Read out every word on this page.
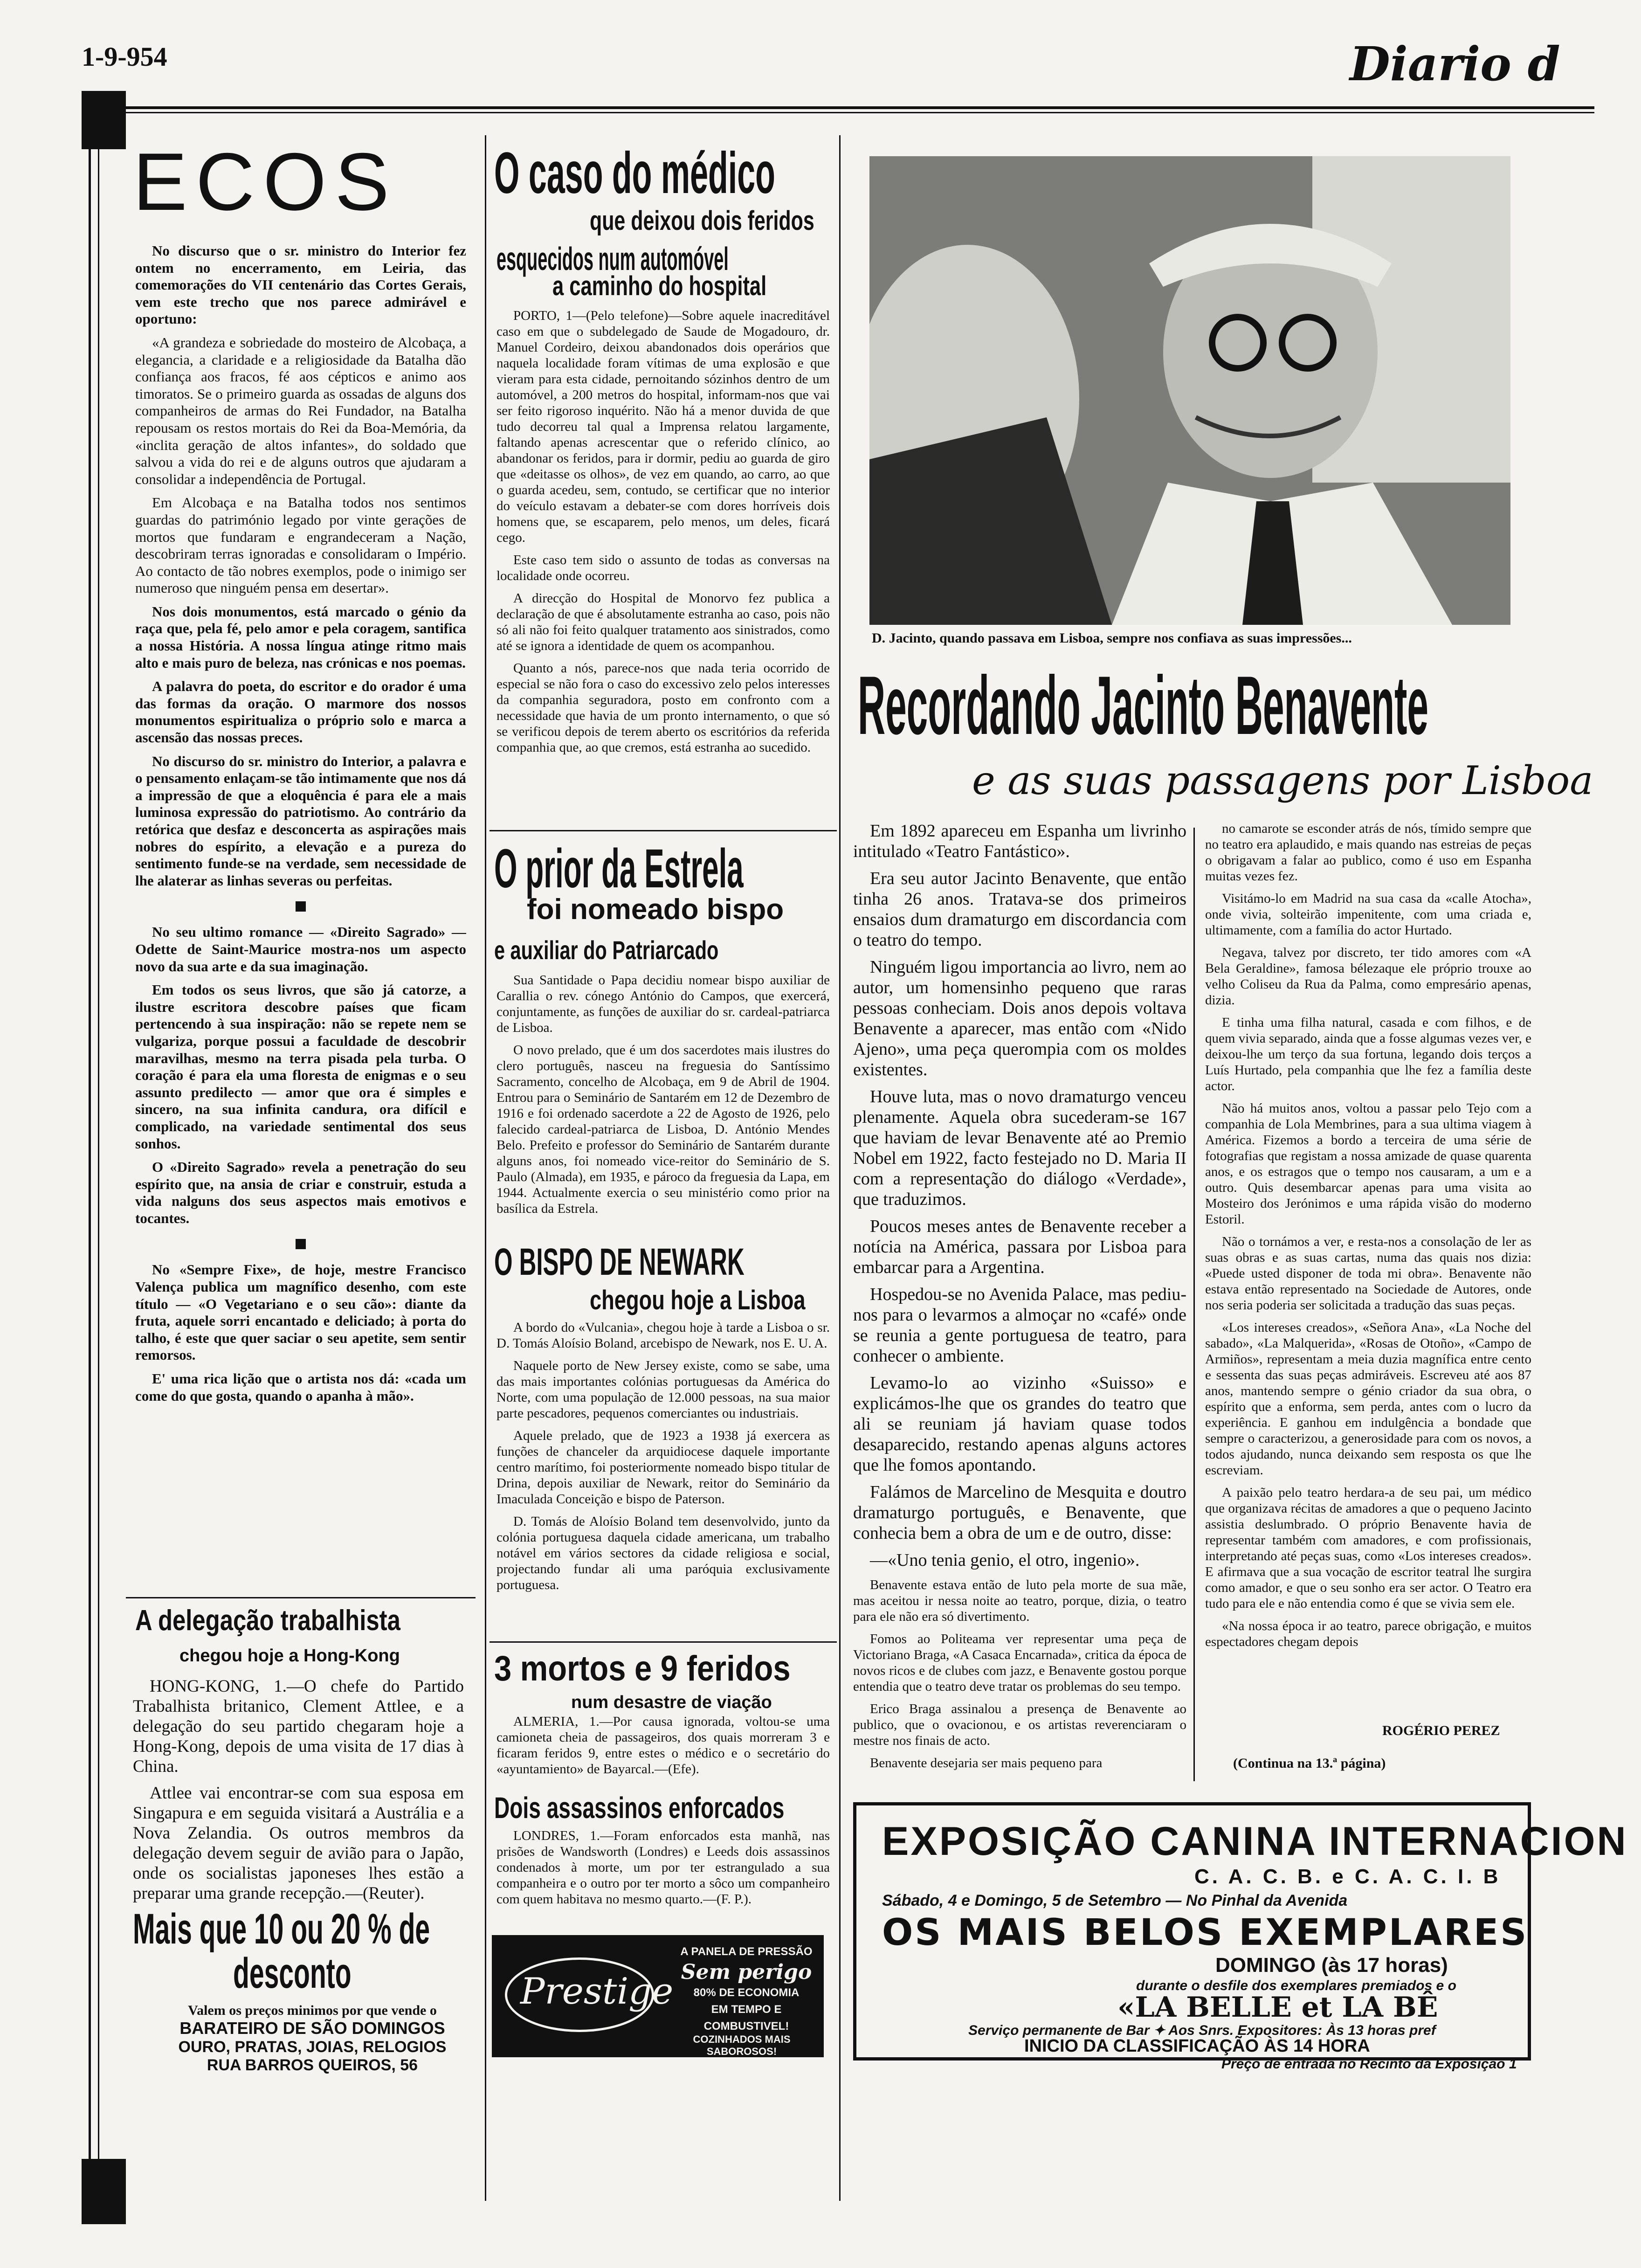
1-9-954	Diario d
ECOS

No discurso que o sr. ministro do Interior fez ontem no encerramento, em Leiria, das comemorações do VII centenário das Cortes Gerais, vem este trecho que nos parece admirável e oportuno:

«A grandeza e sobriedade do mosteiro de Alcobaça, a elegancia, a claridade e a religiosidade da Batalha dão confiança aos fracos, fé aos cépticos e animo aos timoratos. Se o primeiro guarda as ossadas de alguns dos companheiros de armas do Rei Fundador, na Batalha repousam os restos mortais do Rei da Boa-Memória, da «inclita geração de altos infantes», do soldado que salvou a vida do rei e de alguns outros que ajudaram a consolidar a independência de Portugal.

Em Alcobaça e na Batalha todos nos sentimos guardas do património legado por vinte gerações de mortos que fundaram e engrandeceram a Nação, descobriram terras ignoradas e consolidaram o Império. Ao contacto de tão nobres exemplos, pode o inimigo ser numeroso que ninguém pensa em desertar».

Nos dois monumentos, está marcado o génio da raça que, pela fé, pelo amor e pela coragem, santifica a nossa História. A nossa língua atinge ritmo mais alto e mais puro de beleza, nas crónicas e nos poemas.

A palavra do poeta, do escritor e do orador é uma das formas da oração. O marmore dos nossos monumentos espiritualiza o próprio solo e marca a ascensão das nossas preces.

No discurso do sr. ministro do Interior, a palavra e o pensamento enlaçam-se tão intimamente que nos dá a impressão de que a eloquência é para ele a mais luminosa expressão do patriotismo. Ao contrário da retórica que desfaz e desconcerta as aspirações mais nobres do espírito, a elevação e a pureza do sentimento funde-se na verdade, sem necessidade de lhe alaterar as linhas severas ou perfeitas.

No seu ultimo romance — «Direito Sagrado» — Odette de Saint-Maurice mostra-nos um aspecto novo da sua arte e da sua imaginação.

Em todos os seus livros, que são já catorze, a ilustre escritora descobre países que ficam pertencendo à sua inspiração: não se repete nem se vulgariza, porque possui a faculdade de descobrir maravilhas, mesmo na terra pisada pela turba. O coração é para ela uma floresta de enigmas e o seu assunto predilecto — amor que ora é simples e sincero, na sua infinita candura, ora difícil e complicado, na variedade sentimental dos seus sonhos.

O «Direito Sagrado» revela a penetração do seu espírito que, na ansia de criar e construir, estuda a vida nalguns dos seus aspectos mais emotivos e tocantes.

No «Sempre Fixe», de hoje, mestre Francisco Valença publica um magnífico desenho, com este título — «O Vegetariano e o seu cão»: diante da fruta, aquele sorri encantado e deliciado; à porta do talho, é este que quer saciar o seu apetite, sem sentir remorsos.

E' uma rica lição que o artista nos dá: «cada um come do que gosta, quando o apanha à mão».

A delegação trabalhista
chegou hoje a Hong-Kong

HONG-KONG, 1.—O chefe do Partido Trabalhista britanico, Clement Attlee, e a delegação do seu partido chegaram hoje a Hong-Kong, depois de uma visita de 17 dias à China.

Attlee vai encontrar-se com sua esposa em Singapura e em seguida visitará a Austrália e a Nova Zelandia. Os outros membros da delegação devem seguir de avião para o Japão, onde os socialistas japoneses lhes estão a preparar uma grande recepção.—(Reuter).

Mais que 10 ou 20 % de
desconto
Valem os preços minimos por que vende o
BARATEIRO DE SÃO DOMINGOS
OURO, PRATAS, JOIAS, RELOGIOS
RUA BARROS QUEIROS, 56
O caso do médico
que deixou dois feridos
esquecidos num automóvel
a caminho do hospital

PORTO, 1—(Pelo telefone)—Sobre aquele inacreditável caso em que o subdelegado de Saude de Mogadouro, dr. Manuel Cordeiro, deixou abandonados dois operários que naquela localidade foram vítimas de uma explosão e que vieram para esta cidade, pernoitando sózinhos dentro de um automóvel, a 200 metros do hospital, informam-nos que vai ser feito rigoroso inquérito. Não há a menor duvida de que tudo decorreu tal qual a Imprensa relatou largamente, faltando apenas acrescentar que o referido clínico, ao abandonar os feridos, para ir dormir, pediu ao guarda de giro que «deitasse os olhos», de vez em quando, ao carro, ao que o guarda acedeu, sem, contudo, se certificar que no interior do veículo estavam a debater-se com dores horríveis dois homens que, se escaparem, pelo menos, um deles, ficará cego.

Este caso tem sido o assunto de todas as conversas na localidade onde ocorreu.

A direcção do Hospital de Monorvo fez publica a declaração de que é absolutamente estranha ao caso, pois não só ali não foi feito qualquer tratamento aos sinistrados, como até se ignora a identidade de quem os acompanhou.

Quanto a nós, parece-nos que nada teria ocorrido de especial se não fora o caso do excessivo zelo pelos interesses da companhia seguradora, posto em confronto com a necessidade que havia de um pronto internamento, o que só se verificou depois de terem aberto os escritórios da referida companhia que, ao que cremos, está estranha ao sucedido.

O prior da Estrela
foi nomeado bispo
e auxiliar do Patriarcado

Sua Santidade o Papa decidiu nomear bispo auxiliar de Carallia o rev. cónego António do Campos, que exercerá, conjuntamente, as funções de auxiliar do sr. cardeal-patriarca de Lisboa.

O novo prelado, que é um dos sacerdotes mais ilustres do clero português, nasceu na freguesia do Santíssimo Sacramento, concelho de Alcobaça, em 9 de Abril de 1904. Entrou para o Seminário de Santarém em 12 de Dezembro de 1916 e foi ordenado sacerdote a 22 de Agosto de 1926, pelo falecido cardeal-patriarca de Lisboa, D. António Mendes Belo. Prefeito e professor do Seminário de Santarém durante alguns anos, foi nomeado vice-reitor do Seminário de S. Paulo (Almada), em 1935, e pároco da freguesia da Lapa, em 1944. Actualmente exercia o seu ministério como prior na basílica da Estrela.

O BISPO DE NEWARK
chegou hoje a Lisboa

A bordo do «Vulcania», chegou hoje à tarde a Lisboa o sr. D. Tomás Aloísio Boland, arcebispo de Newark, nos E. U. A.

Naquele porto de New Jersey existe, como se sabe, uma das mais importantes colónias portuguesas da América do Norte, com uma população de 12.000 pessoas, na sua maior parte pescadores, pequenos comerciantes ou industriais.

Aquele prelado, que de 1923 a 1938 já exercera as funções de chanceler da arquidiocese daquele importante centro marítimo, foi posteriormente nomeado bispo titular de Drina, depois auxiliar de Newark, reitor do Seminário da Imaculada Conceição e bispo de Paterson.

D. Tomás de Aloísio Boland tem desenvolvido, junto da colónia portuguesa daquela cidade americana, um trabalho notável em vários sectores da cidade religiosa e social, projectando fundar ali uma paróquia exclusivamente portuguesa.

3 mortos e 9 feridos
num desastre de viação

ALMERIA, 1.—Por causa ignorada, voltou-se uma camioneta cheia de passageiros, dos quais morreram 3 e ficaram feridos 9, entre estes o médico e o secretário do «ayuntamiento» de Bayarcal.—(Efe).

Dois assassinos enforcados

LONDRES, 1.—Foram enforcados esta manhã, nas prisões de Wandsworth (Londres) e Leeds dois assassinos condenados à morte, um por ter estrangulado a sua companheira e o outro por ter morto a sôco um companheiro com quem habitava no mesmo quarto.—(F. P.).

Prestige
A PANELA DE PRESSÃO
Sem perigo
80% DE ECONOMIA
EM TEMPO E
COMBUSTIVEL!
COZINHADOS MAIS SABOROSOS!
D. Jacinto, quando passava em Lisboa, sempre nos confiava as suas impressões...
Recordando Jacinto Benavente
e as suas passagens por Lisboa

Em 1892 apareceu em Espanha um livrinho intitulado «Teatro Fantástico».

Era seu autor Jacinto Benavente, que então tinha 26 anos. Tratava-se dos primeiros ensaios dum dramaturgo em discordancia com o teatro do tempo.

Ninguém ligou importancia ao livro, nem ao autor, um homensinho pequeno que raras pessoas conheciam. Dois anos depois voltava Benavente a aparecer, mas então com «Nido Ajeno», uma peça querompia com os moldes existentes.

Houve luta, mas o novo dramaturgo venceu plenamente. Aquela obra sucederam-se 167 que haviam de levar Benavente até ao Premio Nobel em 1922, facto festejado no D. Maria II com a representação do diálogo «Verdade», que traduzimos.

Poucos meses antes de Benavente receber a notícia na América, passara por Lisboa para embarcar para a Argentina.

Hospedou-se no Avenida Palace, mas pediu-nos para o levarmos a almoçar no «café» onde se reunia a gente portuguesa de teatro, para conhecer o ambiente.

Levamo-lo ao vizinho «Suisso» e explicámos-lhe que os grandes do teatro que ali se reuniam já haviam quase todos desaparecido, restando apenas alguns actores que lhe fomos apontando.

Falámos de Marcelino de Mesquita e doutro dramaturgo português, e Benavente, que conhecia bem a obra de um e de outro, disse:

—«Uno tenia genio, el otro, ingenio».

Benavente estava então de luto pela morte de sua mãe, mas aceitou ir nessa noite ao teatro, porque, dizia, o teatro para ele não era só divertimento.

Fomos ao Politeama ver representar uma peça de Victoriano Braga, «A Casaca Encarnada», critica da época de novos ricos e de clubes com jazz, e Benavente gostou porque entendia que o teatro deve tratar os problemas do seu tempo.

Erico Braga assinalou a presença de Benavente ao publico, que o ovacionou, e os artistas reverenciaram o mestre nos finais de acto.

Benavente desejaria ser mais pequeno para

no camarote se esconder atrás de nós, tímido sempre que no teatro era aplaudido, e mais quando nas estreias de peças o obrigavam a falar ao publico, como é uso em Espanha muitas vezes fez.

Visitámo-lo em Madrid na sua casa da «calle Atocha», onde vivia, solteirão impenitente, com uma criada e, ultimamente, com a família do actor Hurtado.

Negava, talvez por discreto, ter tido amores com «A Bela Geraldine», famosa bélezaque ele próprio trouxe ao velho Coliseu da Rua da Palma, como empresário apenas, dizia.

E tinha uma filha natural, casada e com filhos, e de quem vivia separado, ainda que a fosse algumas vezes ver, e deixou-lhe um terço da sua fortuna, legando dois terços a Luís Hurtado, pela companhia que lhe fez a família deste actor.

Não há muitos anos, voltou a passar pelo Tejo com a companhia de Lola Membrines, para a sua ultima viagem à América. Fizemos a bordo a terceira de uma série de fotografias que registam a nossa amizade de quase quarenta anos, e os estragos que o tempo nos causaram, a um e a outro. Quis desembarcar apenas para uma visita ao Mosteiro dos Jerónimos e uma rápida visão do moderno Estoril.

Não o tornámos a ver, e resta-nos a consolação de ler as suas obras e as suas cartas, numa das quais nos dizia: «Puede usted disponer de toda mi obra». Benavente não estava então representado na Sociedade de Autores, onde nos seria poderia ser solicitada a tradução das suas peças.

«Los intereses creados», «Señora Ana», «La Noche del sabado», «La Malquerida», «Rosas de Otoño», «Campo de Armiños», representam a meia duzia magnífica entre cento e sessenta das suas peças admiráveis. Escreveu até aos 87 anos, mantendo sempre o génio criador da sua obra, o espírito que a enforma, sem perda, antes com o lucro da experiência. E ganhou em indulgência a bondade que sempre o caracterizou, a generosidade para com os novos, a todos ajudando, nunca deixando sem resposta os que lhe escreviam.

A paixão pelo teatro herdara-a de seu pai, um médico que organizava récitas de amadores a que o pequeno Jacinto assistia deslumbrado. O próprio Benavente havia de representar também com amadores, e com profissionais, interpretando até peças suas, como «Los intereses creados». E afirmava que a sua vocação de escritor teatral lhe surgira como amador, e que o seu sonho era ser actor. O Teatro era tudo para ele e não entendia como é que se vivia sem ele.

«Na nossa época ir ao teatro, parece obrigação, e muitos espectadores chegam depois

ROGÉRIO PEREZ
(Continua na 13.ª página)
EXPOSIÇÃO CANINA INTERNACION
C. A. C. B. e C. A. C. I. B
Sábado, 4 e Domingo, 5 de Setembro — No Pinhal da Avenida
OS MAIS BELOS EXEMPLARES
DOMINGO (às 17 horas)
durante o desfile dos exemplares premiados e o
«LA BELLE et LA BÊ
Serviço permanente de Bar ✦ Aos Snrs. Expositores: Às 13 horas pref
INICIO DA CLASSIFICAÇÃO ÀS 14 HORA
Preço de entrada no Recinto da Exposição 1
